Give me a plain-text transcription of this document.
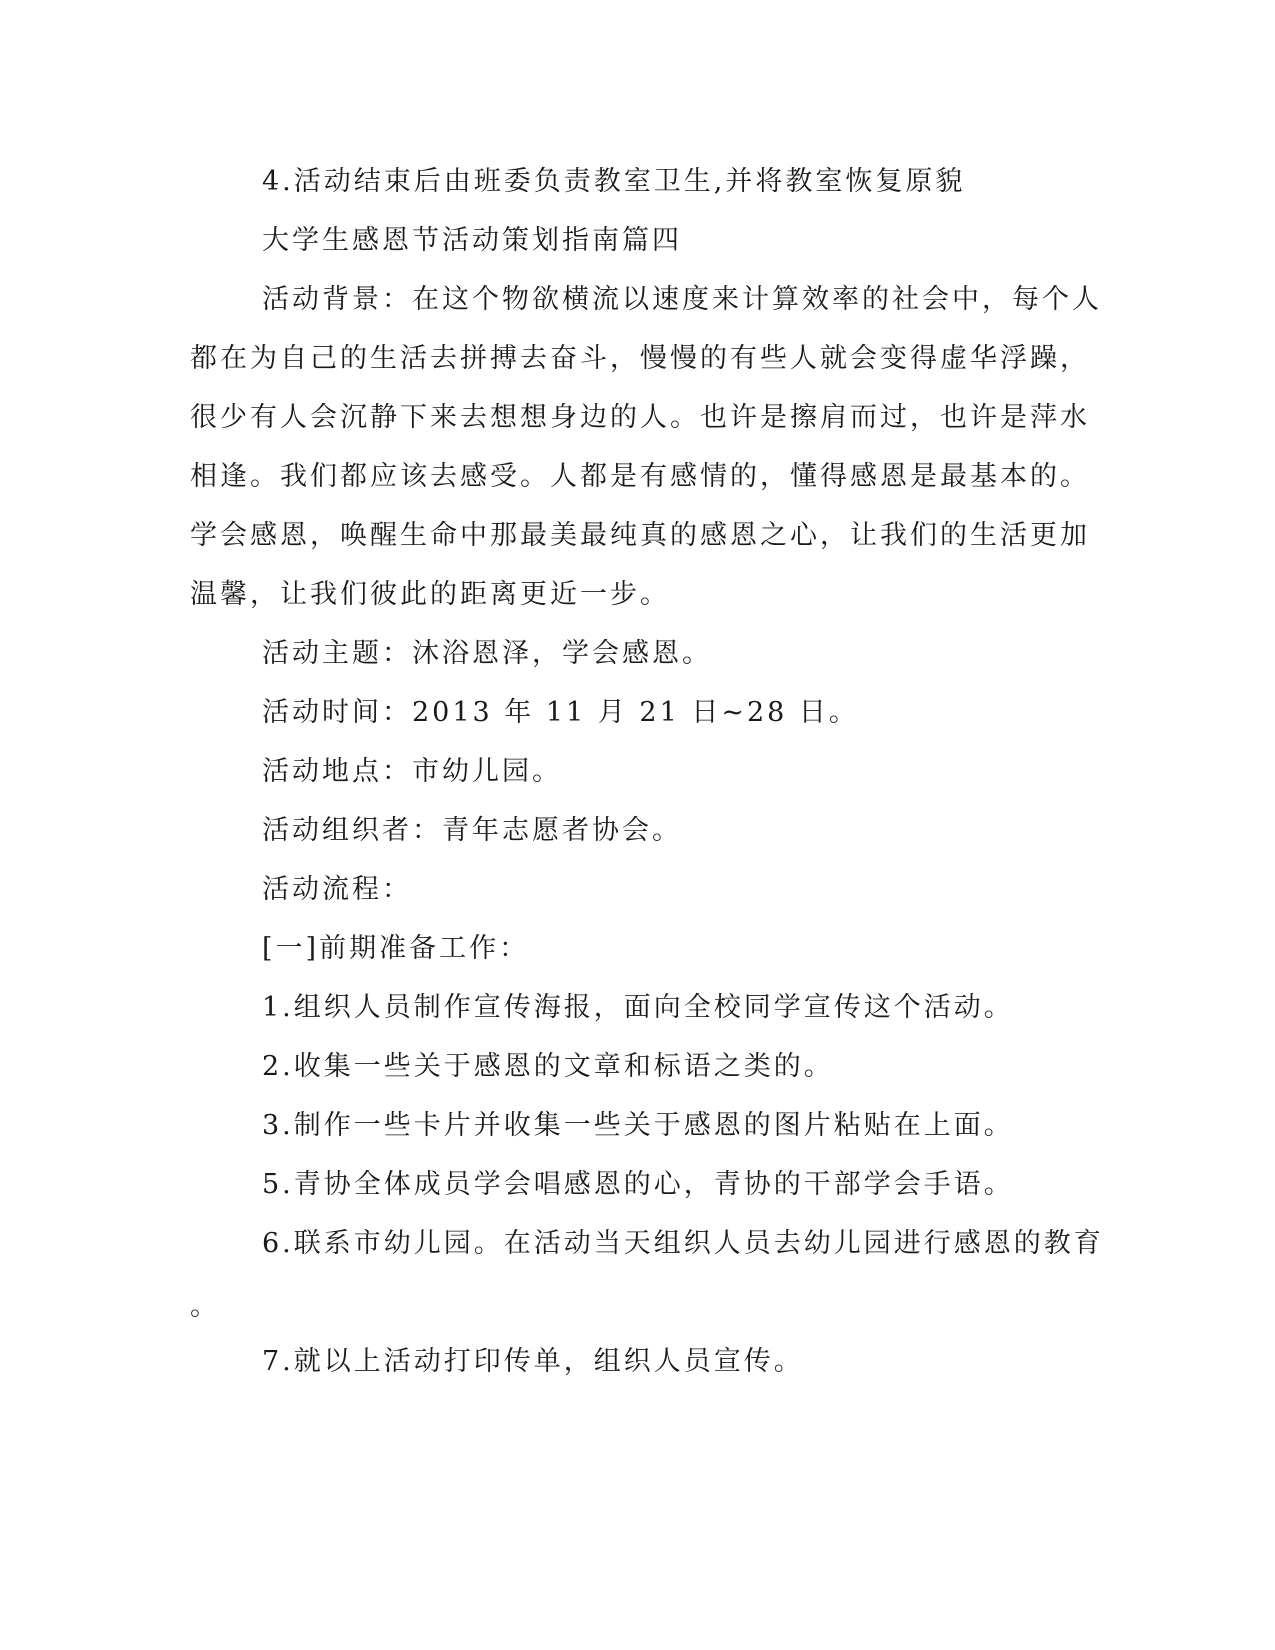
4.活动结束后由班委负责教室卫生,并将教室恢复原貌
大学生感恩节活动策划指南篇四
活动背景：在这个物欲横流以速度来计算效率的社会中，每个人
都在为自己的生活去拼搏去奋斗，慢慢的有些人就会变得虚华浮躁，
很少有人会沉静下来去想想身边的人。也许是擦肩而过，也许是萍水
相逢。我们都应该去感受。人都是有感情的，懂得感恩是最基本的。
学会感恩，唤醒生命中那最美最纯真的感恩之心，让我们的生活更加
温馨，让我们彼此的距离更近一步。
活动主题：沐浴恩泽，学会感恩。
活动时间：2013 年 11 月 21 日~28 日。
活动地点：市幼儿园。
活动组织者：青年志愿者协会。
活动流程：
[一]前期准备工作：
1.组织人员制作宣传海报，面向全校同学宣传这个活动。
2.收集一些关于感恩的文章和标语之类的。
3.制作一些卡片并收集一些关于感恩的图片粘贴在上面。
5.青协全体成员学会唱感恩的心，青协的干部学会手语。
6.联系市幼儿园。在活动当天组织人员去幼儿园进行感恩的教育
。
7.就以上活动打印传单，组织人员宣传。
